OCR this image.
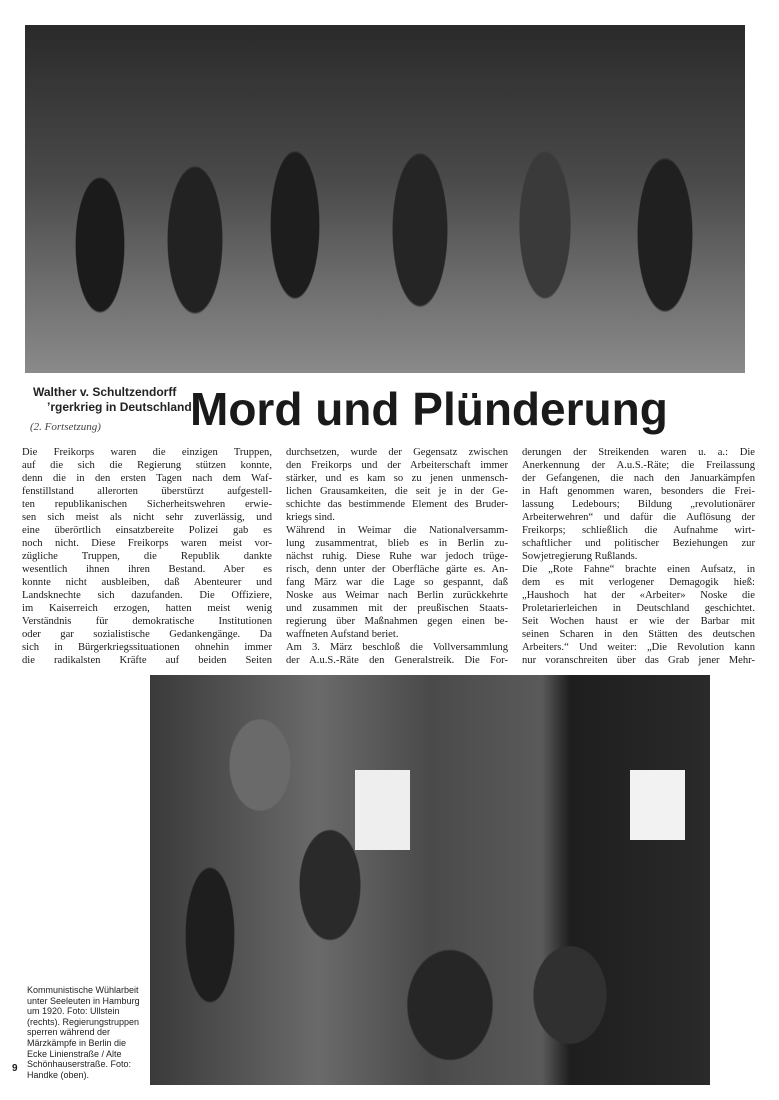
Walther v. Schultzendorff
ʼrgerkrieg in Deutschland
(2. Fortsetzung) Mord und Plünderung
Die Freikorps waren die einzigen Truppen,
auf die sich die Regierung stützen konnte,
denn die in den ersten Tagen nach dem Waf-
fenstillstand allerorten überstürzt aufgestell-
ten republikanischen Sicherheitswehren erwie-
sen sich meist als nicht sehr zuverlässig, und
eine überörtlich einsatzbereite Polizei gab es
noch nicht. Diese Freikorps waren meist vor-
zügliche Truppen, die Republik dankte
wesentlich ihnen ihren Bestand. Aber es
konnte nicht ausbleiben, daß Abenteurer und
Landsknechte sich dazufanden. Die Offiziere,
im Kaiserreich erzogen, hatten meist wenig
Verständnis für demokratische Institutionen
oder gar sozialistische Gedankengänge. Da
sich in Bürgerkriegssituationen ohnehin immer
die radikalsten Kräfte auf beiden Seiten
durchsetzen, wurde der Gegensatz zwischen
den Freikorps und der Arbeiterschaft immer
stärker, und es kam so zu jenen unmensch-
lichen Grausamkeiten, die seit je in der Ge-
schichte das bestimmende Element des Bruder-
kriegs sind.
Während in Weimar die Nationalversamm-
lung zusammentrat, blieb es in Berlin zu-
nächst ruhig. Diese Ruhe war jedoch trüge-
risch, denn unter der Oberfläche gärte es. An-
fang März war die Lage so gespannt, daß
Noske aus Weimar nach Berlin zurückkehrte
und zusammen mit der preußischen Staats-
regierung über Maßnahmen gegen einen be-
waffneten Aufstand beriet.
Am 3. März beschloß die Vollversammlung
der A.u.S.-Räte den Generalstreik. Die For-
derungen der Streikenden waren u. a.: Die
Anerkennung der A.u.S.-Räte; die Freilassung
der Gefangenen, die nach den Januarkämpfen
in Haft genommen waren, besonders die Frei-
lassung Ledebours; Bildung „revolutionärer
Arbeiterwehren“ und dafür die Auflösung der
Freikorps; schließlich die Aufnahme wirt-
schaftlicher und politischer Beziehungen zur
Sowjetregierung Rußlands.
Die „Rote Fahne“ brachte einen Aufsatz, in
dem es mit verlogener Demagogik hieß:
„Haushoch hat der «Arbeiter» Noske die
Proletarierleichen in Deutschland geschichtet.
Seit Wochen haust er wie der Barbar mit
seinen Scharen in den Stätten des deutschen
Arbeiters.“ Und weiter: „Die Revolution kann
nur voranschreiten über das Grab jener Mehr-
Kommunistische Wühlarbeit unter Seeleuten in Hamburg um 1920. Foto: Ullstein (rechts). Regierungstruppen sperren während der Märzkämpfe in Berlin die Ecke Linienstraße / Alte Schönhauserstraße. Foto: Handke (oben).
9
